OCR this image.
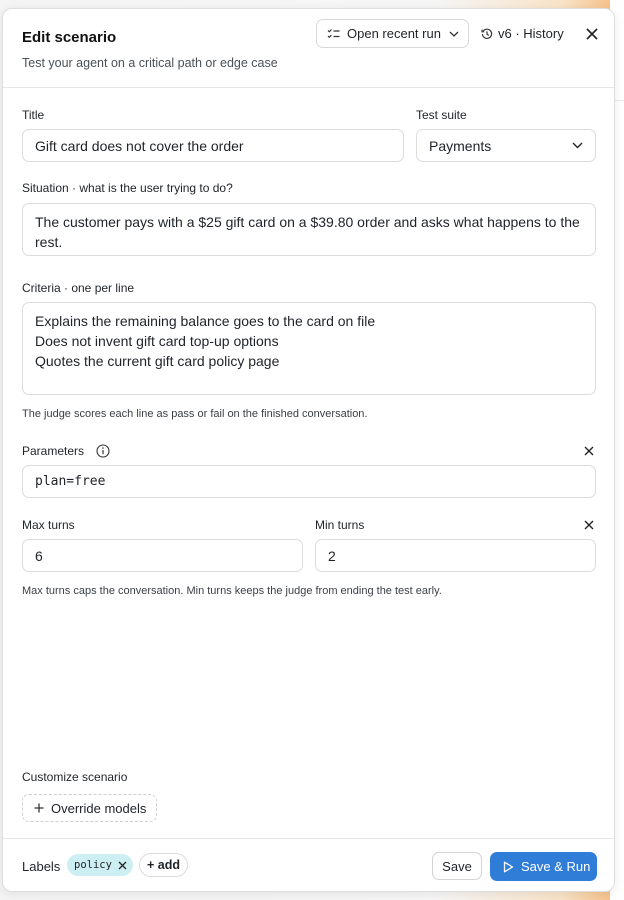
Edit scenario
Test your agent on a critical path or edge case
Open recent run	v6 · History
Title
Gift card does not cover the order
Test suite
Payments
Situation · what is the user trying to do?
The customer pays with a $25 gift card on a $39.80 order and asks what happens to the
rest.
Criteria · one per line
Explains the remaining balance goes to the card on file
Does not invent gift card top-up options
Quotes the current gift card policy page
The judge scores each line as pass or fail on the finished conversation.
Parameters
plan=free
Max turns
6
Min turns
2
Max turns caps the conversation. Min turns keeps the judge from ending the test early.
Customize scenario
Override models
Labels policy	+ add	Save	Save & Run
